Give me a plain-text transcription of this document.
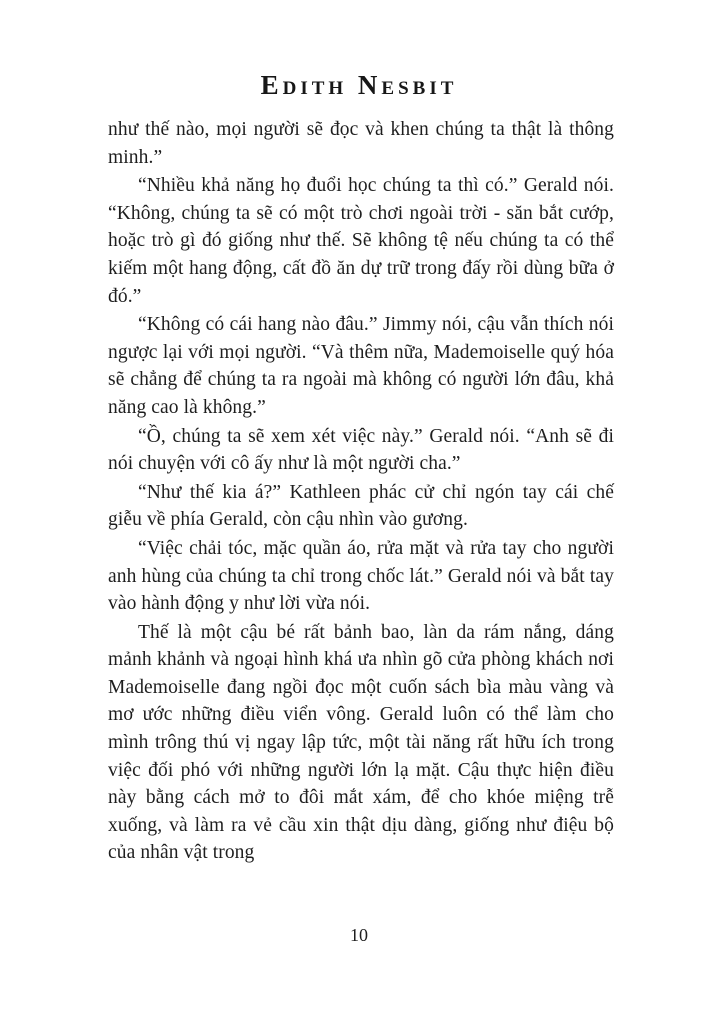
Edith Nesbit

như thế nào, mọi người sẽ đọc và khen chúng ta thật là thông minh.”

“Nhiều khả năng họ đuổi học chúng ta thì có.” Gerald nói. “Không, chúng ta sẽ có một trò chơi ngoài trời - săn bắt cướp, hoặc trò gì đó giống như thế. Sẽ không tệ nếu chúng ta có thể kiếm một hang động, cất đồ ăn dự trữ trong đấy rồi dùng bữa ở đó.”

“Không có cái hang nào đâu.” Jimmy nói, cậu vẫn thích nói ngược lại với mọi người. “Và thêm nữa, Mademoiselle quý hóa sẽ chẳng để chúng ta ra ngoài mà không có người lớn đâu, khả năng cao là không.”

“Ồ, chúng ta sẽ xem xét việc này.” Gerald nói. “Anh sẽ đi nói chuyện với cô ấy như là một người cha.”

“Như thế kia á?” Kathleen phác cử chỉ ngón tay cái chế giễu về phía Gerald, còn cậu nhìn vào gương.

“Việc chải tóc, mặc quần áo, rửa mặt và rửa tay cho người anh hùng của chúng ta chỉ trong chốc lát.” Gerald nói và bắt tay vào hành động y như lời vừa nói.

Thế là một cậu bé rất bảnh bao, làn da rám nắng, dáng mảnh khảnh và ngoại hình khá ưa nhìn gõ cửa phòng khách nơi Mademoiselle đang ngồi đọc một cuốn sách bìa màu vàng và mơ ước những điều viển vông. Gerald luôn có thể làm cho mình trông thú vị ngay lập tức, một tài năng rất hữu ích trong việc đối phó với những người lớn lạ mặt. Cậu thực hiện điều này bằng cách mở to đôi mắt xám, để cho khóe miệng trễ xuống, và làm ra vẻ cầu xin thật dịu dàng, giống như điệu bộ của nhân vật trong

10
